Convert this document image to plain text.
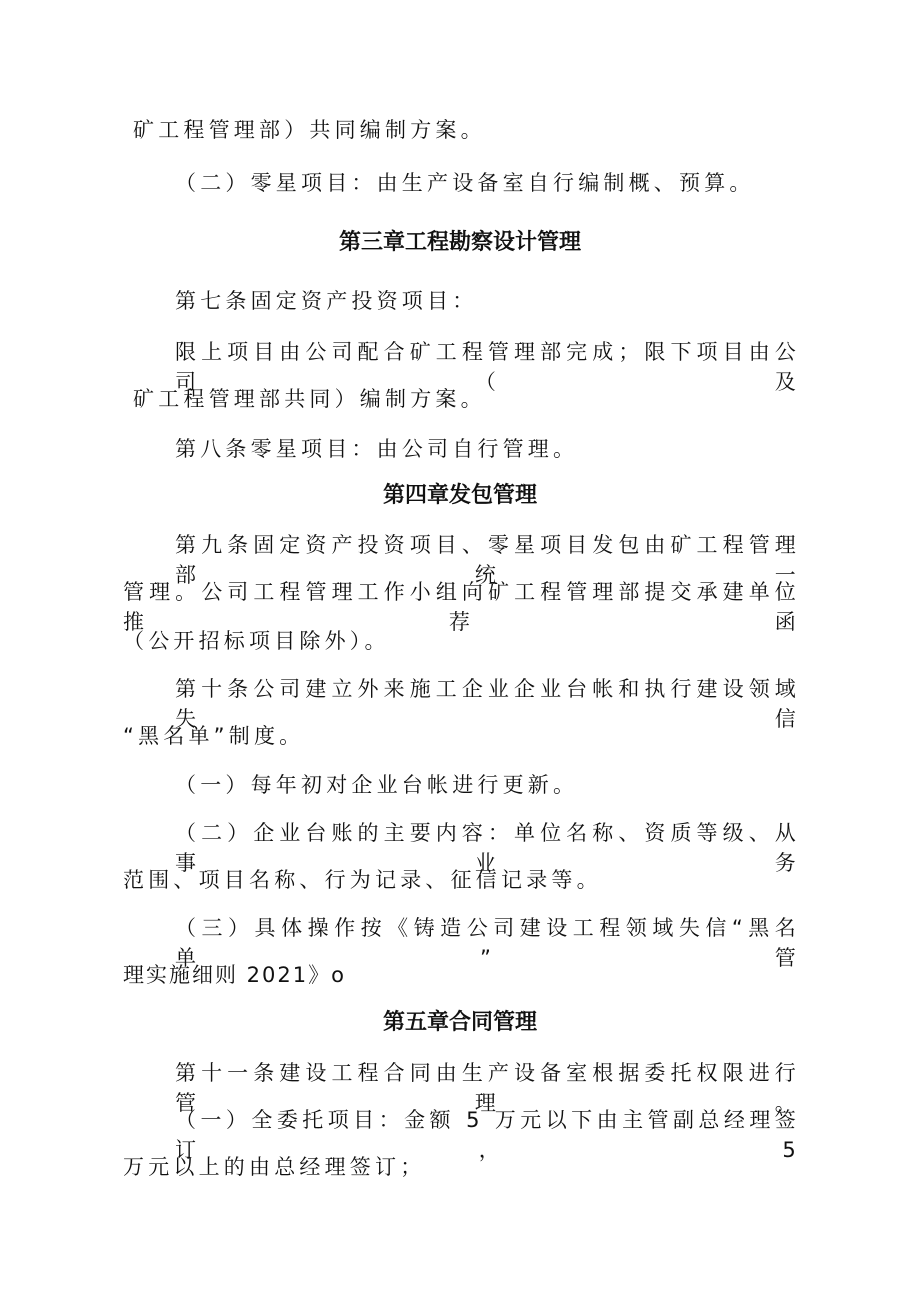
矿工程管理部）共同编制方案。
（二）零星项目：由生产设备室自行编制概、预算。
第三章工程勘察设计管理
第七条固定资产投资项目：
限上项目由公司配合矿工程管理部完成；限下项目由公司（及
矿工程管理部共同）编制方案。
第八条零星项目：由公司自行管理。
第四章发包管理
第九条固定资产投资项目、零星项目发包由矿工程管理部统一
管理。公司工程管理工作小组向矿工程管理部提交承建单位推荐函
（公开招标项目除外）。
第十条公司建立外来施工企业企业台帐和执行建设领域失信
“黑名单”制度。
（一）每年初对企业台帐进行更新。
（二）企业台账的主要内容：单位名称、资质等级、从事业务
范围、项目名称、行为记录、征信记录等。
（三）具体操作按《铸造公司建设工程领域失信“黑名单”管
理实施细则 2021》o
第五章合同管理
第十一条建设工程合同由生产设备室根据委托权限进行管理。
（一）全委托项目：金额 5 万元以下由主管副总经理签订，5
万元以上的由总经理签订；
